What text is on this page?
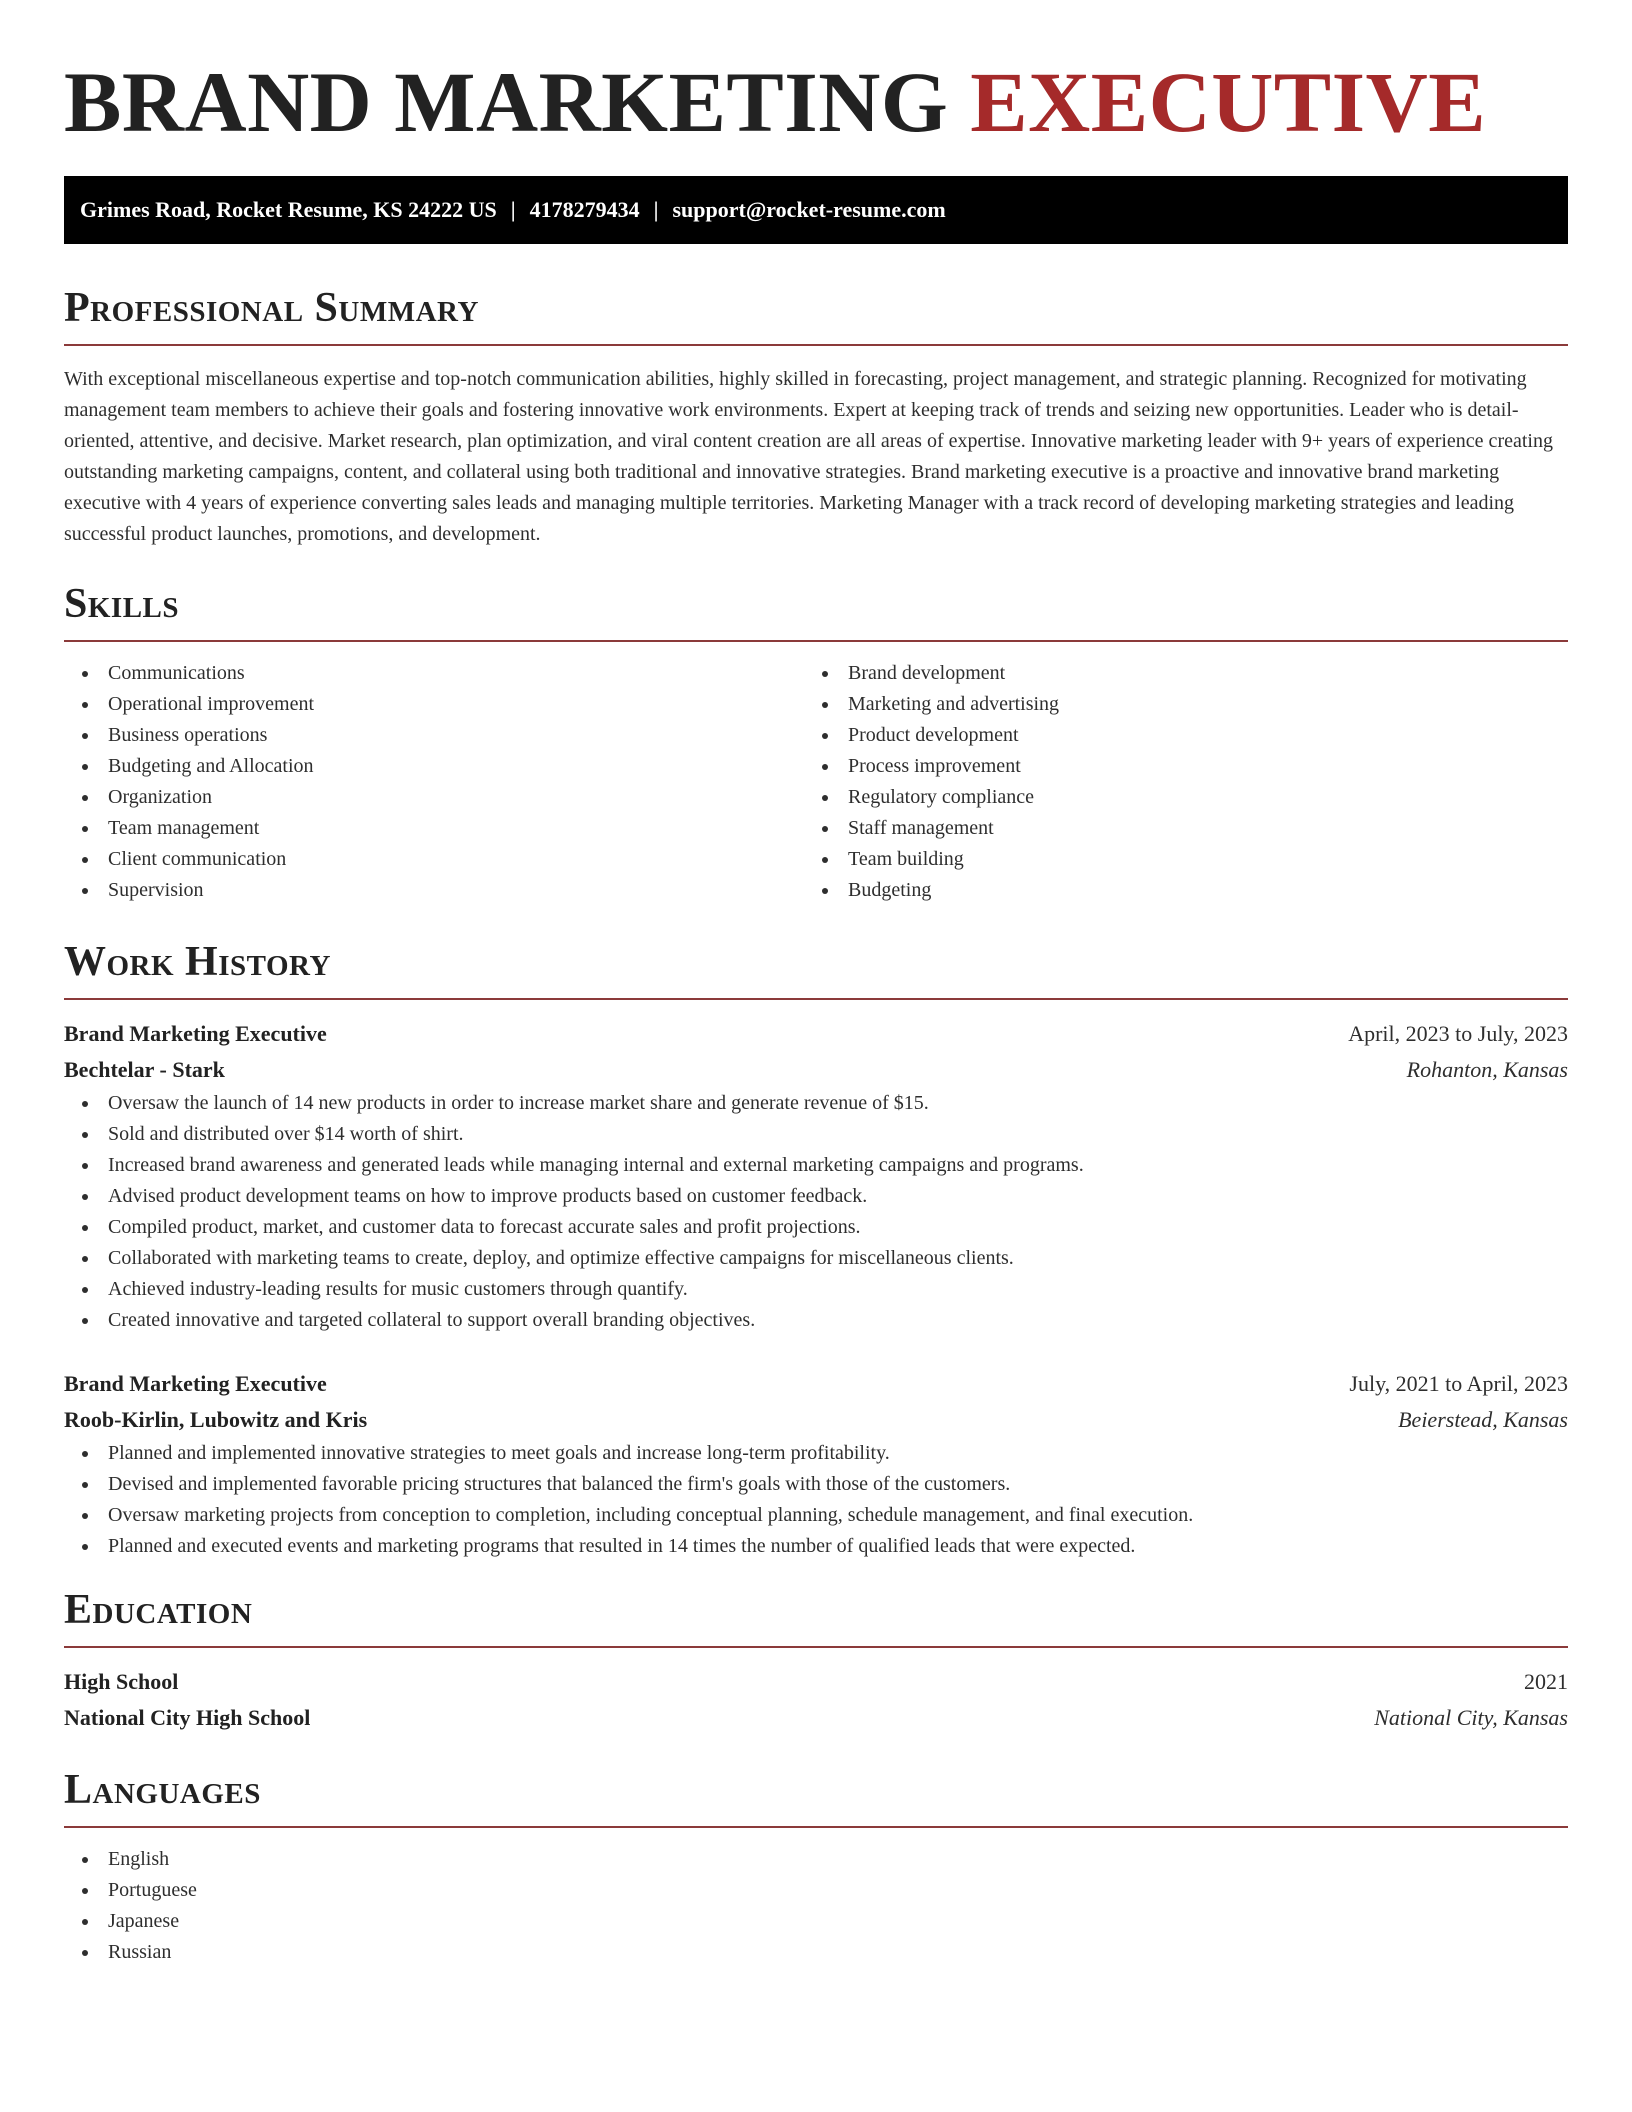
BRAND MARKETING EXECUTIVE
Grimes Road, Rocket Resume, KS 24222 US | 4178279434 | support@rocket-resume.com
Professional Summary

With exceptional miscellaneous expertise and top-notch communication abilities, highly skilled in forecasting, project management, and strategic planning. Recognized for motivating management team members to achieve their goals and fostering innovative work environments. Expert at keeping track of trends and seizing new opportunities. Leader who is detail-oriented, attentive, and decisive. Market research, plan optimization, and viral content creation are all areas of expertise. Innovative marketing leader with 9+ years of experience creating outstanding marketing campaigns, content, and collateral using both traditional and innovative strategies. Brand marketing executive is a proactive and innovative brand marketing executive with 4 years of experience converting sales leads and managing multiple territories. Marketing Manager with a track record of developing marketing strategies and leading successful product launches, promotions, and development.

Skills
Communications
Operational improvement
Business operations
Budgeting and Allocation
Organization
Team management
Client communication
Supervision
Brand development
Marketing and advertising
Product development
Process improvement
Regulatory compliance
Staff management
Team building
Budgeting
Work History
Brand Marketing Executive	April, 2023 to July, 2023
Bechtelar - Stark	Rohanton, Kansas
Oversaw the launch of 14 new products in order to increase market share and generate revenue of $15.
Sold and distributed over $14 worth of shirt.
Increased brand awareness and generated leads while managing internal and external marketing campaigns and programs.
Advised product development teams on how to improve products based on customer feedback.
Compiled product, market, and customer data to forecast accurate sales and profit projections.
Collaborated with marketing teams to create, deploy, and optimize effective campaigns for miscellaneous clients.
Achieved industry-leading results for music customers through quantify.
Created innovative and targeted collateral to support overall branding objectives.
Brand Marketing Executive	July, 2021 to April, 2023
Roob-Kirlin, Lubowitz and Kris	Beierstead, Kansas
Planned and implemented innovative strategies to meet goals and increase long-term profitability.
Devised and implemented favorable pricing structures that balanced the firm's goals with those of the customers.
Oversaw marketing projects from conception to completion, including conceptual planning, schedule management, and final execution.
Planned and executed events and marketing programs that resulted in 14 times the number of qualified leads that were expected.
Education
High School	2021
National City High School	National City, Kansas
Languages
English
Portuguese
Japanese
Russian
